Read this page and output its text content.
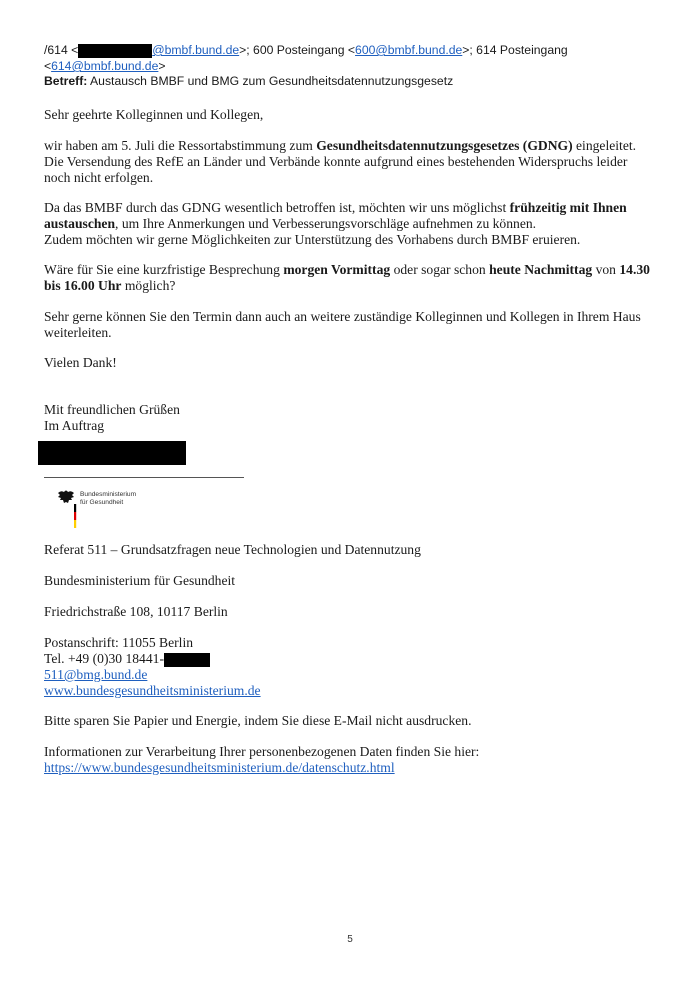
/614 <	@bmbf.bund.de>; 600 Posteingang <600@bmbf.bund.de>; 614 Posteingang
<614@bmbf.bund.de>
Betreff: Austausch BMBF und BMG zum Gesundheitsdatennutzungsgesetz
Sehr geehrte Kolleginnen und Kollegen,
wir haben am 5. Juli die Ressortabstimmung zum Gesundheitsdatennutzungsgesetzes (GDNG) eingeleitet.
Die Versendung des RefE an Länder und Verbände konnte aufgrund eines bestehenden Widerspruchs leider
noch nicht erfolgen.
Da das BMBF durch das GDNG wesentlich betroffen ist, möchten wir uns möglichst frühzeitig mit Ihnen
austauschen, um Ihre Anmerkungen und Verbesserungsvorschläge aufnehmen zu können.
Zudem möchten wir gerne Möglichkeiten zur Unterstützung des Vorhabens durch BMBF eruieren.
Wäre für Sie eine kurzfristige Besprechung morgen Vormittag oder sogar schon heute Nachmittag von 14.30
bis 16.00 Uhr möglich?
Sehr gerne können Sie den Termin dann auch an weitere zuständige Kolleginnen und Kollegen in Ihrem Haus
weiterleiten.
Vielen Dank!
Mit freundlichen Grüßen
Im Auftrag
Bundesministerium
für Gesundheit
Referat 511 – Grundsatzfragen neue Technologien und Datennutzung
Bundesministerium für Gesundheit
Friedrichstraße 108, 10117 Berlin
Postanschrift: 11055 Berlin
Tel. +49 (0)30 18441-
511@bmg.bund.de
www.bundesgesundheitsministerium.de
Bitte sparen Sie Papier und Energie, indem Sie diese E-Mail nicht ausdrucken.
Informationen zur Verarbeitung Ihrer personenbezogenen Daten finden Sie hier:
https://www.bundesgesundheitsministerium.de/datenschutz.html
5
